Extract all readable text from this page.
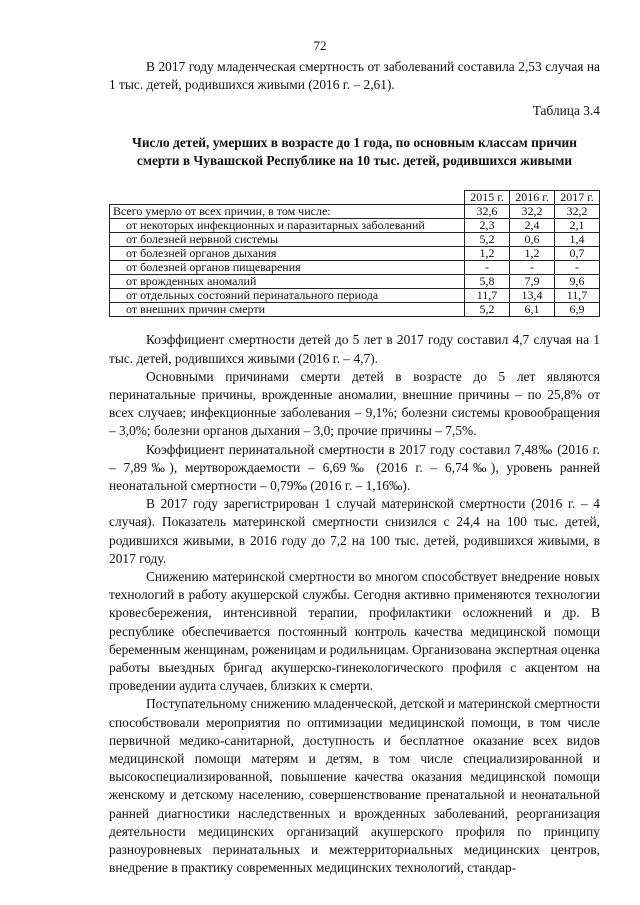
72

В 2017 году младенческая смертность от заболеваний составила 2,53 случая на 1 тыс. детей, родившихся живыми (2016 г. – 2,61).

Таблица 3.4
Число детей, умерших в возрасте до 1 года, по основным классам причин смерти в Чувашской Республике на 10 тыс. детей, родившихся живыми
	2015 г.	2016 г.	2017 г.
Всего умерло от всех причин, в том числе:	32,6	32,2	32,2
от некоторых инфекционных и паразитарных заболеваний	2,3	2,4	2,1
от болезней нервной системы	5,2	0,6	1,4
от болезней органов дыхания	1,2	1,2	0,7
от болезней органов пищеварения	-	-	-
от врожденных аномалий	5,8	7,9	9,6
от отдельных состояний перинатального периода	11,7	13,4	11,7
от внешних причин смерти	5,2	6,1	6,9

Коэффициент смертности детей до 5 лет в 2017 году составил 4,7 случая на 1 тыс. детей, родившихся живыми (2016 г. – 4,7).

Основными причинами смерти детей в возрасте до 5 лет являются перинатальные причины, врожденные аномалии, внешние причины – по 25,8% от всех случаев; инфекционные заболевания – 9,1%; болезни системы кровообращения – 3,0%; болезни органов дыхания – 3,0; прочие причины – 7,5%.

Коэффициент перинатальной смертности в 2017 году составил 7,48‰ (2016 г. – 7,89‰), мертворождаемости – 6,69‰ (2016 г. – 6,74‰), уровень ранней неонатальной смертности – 0,79‰ (2016 г. – 1,16‰).

В 2017 году зарегистрирован 1 случай материнской смертности (2016 г. – 4 случая). Показатель материнской смертности снизился с 24,4 на 100 тыс. детей, родившихся живыми, в 2016 году до 7,2 на 100 тыс. детей, родившихся живыми, в 2017 году.

Снижению материнской смертности во многом способствует внедрение новых технологий в работу акушерской службы. Сегодня активно применяются технологии кровесбережения, интенсивной терапии, профилактики осложнений и др. В республике обеспечивается постоянный контроль качества медицинской помощи беременным женщинам, роженицам и родильницам. Организована экспертная оценка работы выездных бригад акушерско-гинекологического профиля с акцентом на проведении аудита случаев, близких к смерти.

Поступательному снижению младенческой, детской и материнской смертности способствовали мероприятия по оптимизации медицинской помощи, в том числе первичной медико-санитарной, доступность и бесплатное оказание всех видов медицинской помощи матерям и детям, в том числе специализированной и высокоспециализированной, повышение качества оказания медицинской помощи женскому и детскому населению, совершенствование пренатальной и неонатальной ранней диагностики наследственных и врожденных заболеваний, реорганизация деятельности медицинских организаций акушерского профиля по принципу разноуровневых перинатальных и межтерриториальных медицинских центров, внедрение в практику современных медицинских технологий, стандар-
